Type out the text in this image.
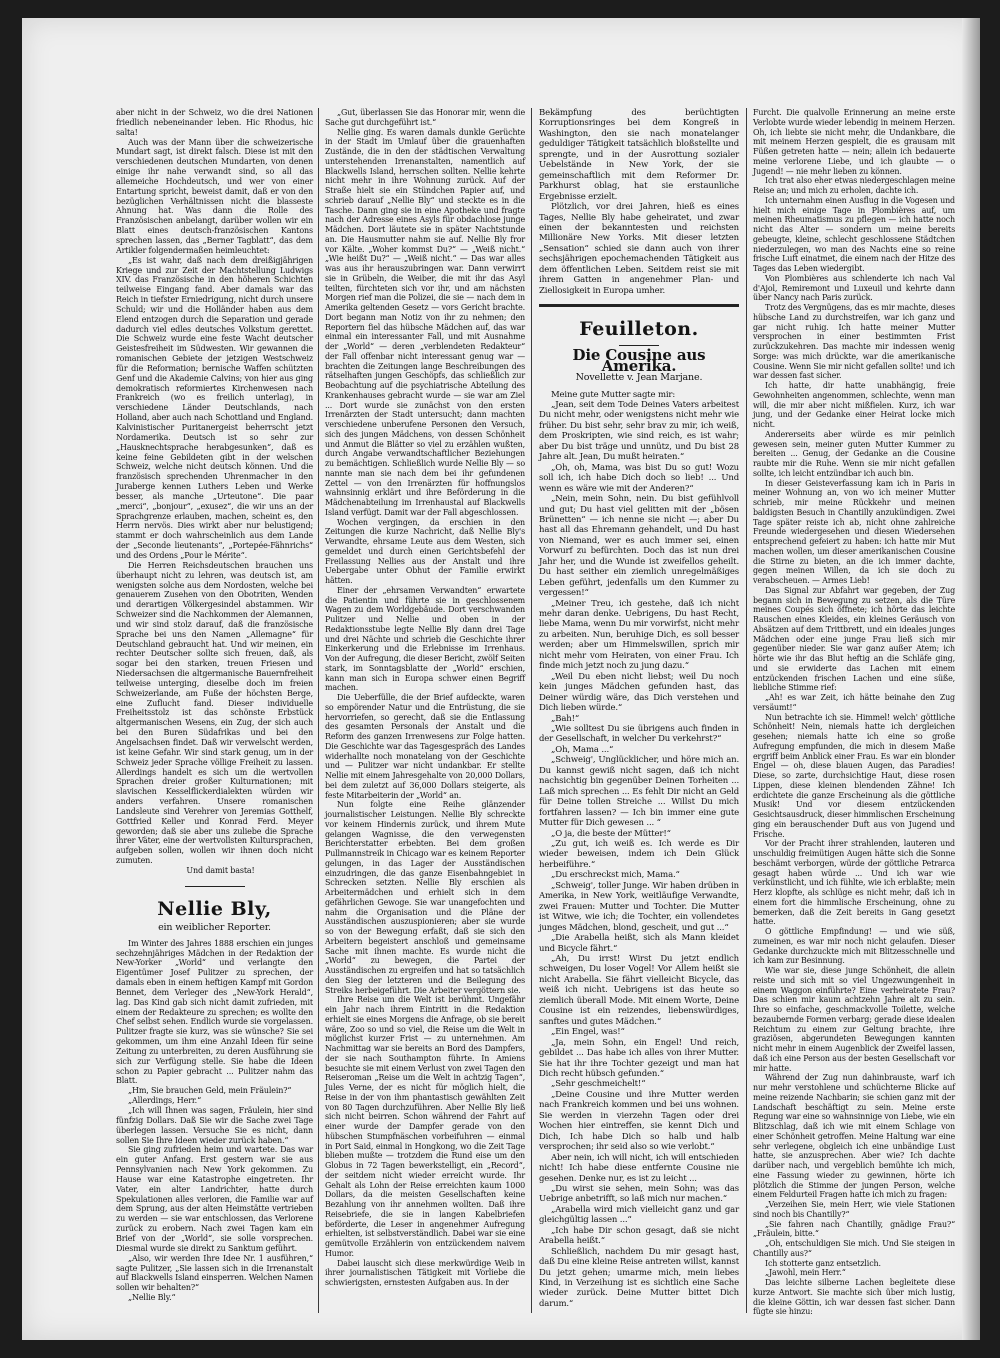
aber nicht in der Schweiz, wo die drei Nationen friedlich nebeneinander leben. Hic Rhodus, hic salta!

Auch was der Mann über die schweizerische Mundart sagt, ist direkt falsch. Diese ist mit den verschiedenen deutschen Mundarten, von denen einige ihr nahe verwandt sind, so all das allemeiche Hochdeutsch, und wer von einer Entartung spricht, beweist damit, daß er von den bezüglichen Verhältnissen nicht die blasseste Ahnung hat. Was dann die Rolle des Französischen anbelangt, darüber wollen wir ein Blatt eines deutsch-französischen Kantons sprechen lassen, das „Berner Tagblatt“, das dem Artikler folgendermaßen heimleuchtet:

„Es ist wahr, daß nach dem dreißigjährigen Kriege und zur Zeit der Machtstellung Ludwigs XIV. das Französische in den höheren Schichten teilweise Eingang fand. Aber damals war das Reich in tiefster Erniedrigung, nicht durch unsere Schuld; wir und die Holländer haben aus dem Elend entzogen durch die Separation und gerade dadurch viel edles deutsches Volkstum gerettet. Die Schweiz wurde eine feste Wacht deutscher Geistesfreiheit im Südwesten. Wir gewannen die romanischen Gebiete der jetzigen Westschweiz für die Reformation; bernische Waffen schützten Genf und die Akademie Calvins; von hier aus ging demokratisch reformiertes Kirchenwesen nach Frankreich (wo es freilich unterlag), in verschiedene Länder Deutschlands, nach Holland, aber auch nach Schottland und England. Kalvinistischer Puritanergeist beherrscht jetzt Nordamerika. Deutsch ist so sehr zur „Hausknechtsprache herabgesunken“, daß es keine feine Gebildeten gibt in der welschen Schweiz, welche nicht deutsch können. Und die französisch sprechenden Uhrenmacher in den Juraberge kennen Luthers Leben und Werke besser, als manche „Urteutone“. Die paar „merci“, „bonjour“, „exusez“, die wir uns an der Sprachgrenze erlauben, machen, scheint es, den Herrn nervös. Dies wirkt aber nur belustigend; stammt er doch wahrscheinlich aus dem Lande der „Seconde lieutenants“, „Portepée-Fähnrichs“ und des Ordens „Pour le Mérite“.

Die Herren Reichsdeutschen brauchen uns überhaupt nicht zu lehren, was deutsch ist, am wenigsten solche aus dem Nordosten, welche bei genauerem Zusehen von den Obotriten, Wenden und derartigen Völkergesindel abstammen. Wir Schweizer sind die Nachkommen der Alemannen, und wir sind stolz darauf, daß die französische Sprache bei uns den Namen „Allemagne“ für Deutschland gebraucht hat. Und wir meinen, ein rechter Deutscher sollte sich freuen, daß, als sogar bei den starken, treuen Friesen und Niedersachsen die altgermanische Bauernfreiheit teilweise unterging, dieselbe doch im freien Schweizerlande, am Fuße der höchsten Berge, eine Zuflucht fand. Dieser individuelle Freiheitsstolz ist das schönste Erbstück altgermanischen Wesens, ein Zug, der sich auch bei den Buren Südafrikas und bei den Angelsachsen findet. Daß wir verwelscht werden, ist keine Gefahr. Wir sind stark genug, um in der Schweiz jeder Sprache völlige Freiheit zu lassen. Allerdings handelt es sich um die wertvollen Sprachen dreier großer Kulturnationen; mit slavischen Kesselflickerdialekten würden wir anders verfahren. Unsere romanischen Landsleute sind Verehrer von Jeremias Gotthelf, Gottfried Keller und Konrad Ferd. Meyer geworden; daß sie aber uns zuliebe die Sprache ihrer Väter, eine der wertvollsten Kultursprachen, aufgeben sollen, wollen wir ihnen doch nicht zumuten.

Und damit basta!

Nellie Bly,
ein weiblicher Reporter.

Im Winter des Jahres 1888 erschien ein junges sechzehnjähriges Mädchen in der Redaktion der New-Yorker „World“ und verlangte den Eigentümer Josef Pulitzer zu sprechen, der damals eben in einem heftigen Kampf mit Gordon Bennet, dem Verleger des „New-York Herald“, lag. Das Kind gab sich nicht damit zufrieden, mit einem der Redakteure zu sprechen; es wollte den Chef selbst sehen. Endlich wurde sie vorgelassen. Pulitzer fragte sie kurz, was sie wünsche? Sie sei gekommen, um ihm eine Anzahl Ideen für seine Zeitung zu unterbreiten, zu deren Ausführung sie sich zur Verfügung stelle. Sie habe die Ideen schon zu Papier gebracht ... Pulitzer nahm das Blatt.

„Hm, Sie brauchen Geld, mein Fräulein?“

„Allerdings, Herr.“

„Ich will Ihnen was sagen, Fräulein, hier sind fünfzig Dollars. Daß Sie wir die Sache zwei Tage überlegen lassen. Versuche Sie es nicht, dann sollen Sie Ihre Ideen wieder zurück haben.“

Sie ging zufrieden heim und wartete. Das war ein guter Anfang. Erst gestern war sie aus Pennsylvanien nach New York gekommen. Zu Hause war eine Katastrophe eingetreten. Ihr Vater, ein alter Landrichter, hatte durch Spekulationen alles verloren, die Familie war auf dem Sprung, aus der alten Heimstätte vertrieben zu werden — sie war entschlossen, das Verlorene zurück zu erobern. Nach zwei Tagen kam ein Brief von der „World“, sie solle vorsprechen. Diesmal wurde sie direkt zu Sanktum geführt.

„Also, wir werden Ihre Idee Nr. 1 ausführen,“ sagte Pulitzer, „Sie lassen sich in die Irrenanstalt auf Blackwells Island einsperren. Welchen Namen sollen wir behalten?“

„Nellie Bly.“

„Gut, überlassen Sie das Honorar mir, wenn die Sache gut durchgeführt ist.“

Nellie ging. Es waren damals dunkle Gerüchte in der Stadt im Umlauf über die grauenhaften Zustände, die in den der städtischen Verwaltung unterstehenden Irrenanstalten, namentlich auf Blackwells Island, herrschen sollten. Nellie kehrte nicht mehr in ihre Wohnung zurück. Auf der Straße hielt sie ein Stündchen Papier auf, und schrieb darauf „Nellie Bly“ und steckte es in die Tasche. Dann ging sie in eine Apotheke und fragte nach der Adresse eines Asyls für obdachlose junge Mädchen. Dort läutete sie in später Nachtstunde an. Die Hausmutter nahm sie auf. Nellie Bly fror vor Kälte. „Woher kommst Du?“ — „Weiß nicht.“ „Wie heißt Du?“ — „Weiß nicht.“ — Das war alles was aus ihr herauszubringen war. Dann verwirrt sie in Grübeln, die Weiber, die mit ihr das Asyl teilten, fürchteten sich vor ihr, und am nächsten Morgen rief man die Polizei, die sie — nach dem in Amerika geltenden Gesetz — vors Gericht brachte. Dort begann man Notiz von ihr zu nehmen; den Reportern fiel das hübsche Mädchen auf, das war einmal ein interessanter Fall, und mit Ausnahme der „World“ — deren „verblendeten Redakteur“ der Fall offenbar nicht interessant genug war — brachten die Zeitungen lange Beschreibungen des rätselhaften jungen Geschöpfs, das schließlich zur Beobachtung auf die psychiatrische Abteilung des Krankenhauses gebracht wurde — sie war am Ziel ... Dort wurde sie zunächst von den ersten Irrenärzten der Stadt untersucht; dann machten verschiedene unberufene Personen den Versuch, sich des jungen Mädchens, von dessen Schönheit und Anmut die Blätter so viel zu erzählen wußten, durch Angabe verwandtschaftlicher Beziehungen zu bemächtigen. Schließlich wurde Nellie Bly — so nannte man sie nach dem bei ihr gefundenen Zettel — von den Irrenärzten für hoffnungslos wahnsinnig erklärt und ihre Beförderung in die Mädchenabteilung im Irrenhaustal auf Blackwells Island verfügt. Damit war der Fall abgeschlossen.

Wochen vergingen, da erschien in den Zeitungen die kurze Nachricht, daß Nellie Bly's Verwandte, ehrsame Leute aus dem Westen, sich gemeldet und durch einen Gerichtsbefehl der Freilassung Nellies aus der Anstalt und ihre Uebergabe unter Obhut der Familie erwirkt hätten.

Einer der „ehrsamen Verwandten“ erwartete die Patientin und führte sie in geschlossenem Wagen zu dem Worldgebäude. Dort verschwanden Pulitzer und Nellie und oben in der Redaktionsstube legte Nellie Bly dann drei Tage und drei Nächte und schrieb die Geschichte ihrer Einkerkerung und die Erlebnisse im Irrenhaus. Von der Aufregung, die dieser Bericht, zwölf Seiten stark, im Sonntagsblatte der „World“ erschien, kann man sich in Europa schwer einen Begriff machen.

Die Ueberfülle, die der Brief aufdeckte, waren so empörender Natur und die Entrüstung, die sie hervorriefen, so gerecht, daß sie die Entlassung des gesamten Personals der Anstalt und die Reform des ganzen Irrenwesens zur Folge hatten. Die Geschichte war das Tagesgespräch des Landes widerhallte noch monatelang von der Geschichte und — Pulitzer war nicht undankbar. Er stellte Nellie mit einem Jahresgehalte von 20,000 Dollars, bei dem zuletzt auf 36,000 Dollars steigerte, als feste Mitarbeiterin der „World“ an.

Nun folgte eine Reihe glänzender journalistischer Leistungen. Nellie Bly schreckte vor keinem Hindernis zurück, und ihrem Mute gelangen Wagnisse, die den verwegensten Berichterstatter erbebten. Bei dem großen Pullmannstreik in Chicago war es keinem Reporter gelungen, in das Lager der Ausständischen einzudringen, die das ganze Eisenbahngebiet in Schrecken setzten. Nellie Bly erschien als Arbeitermädchen und erhielt sich in dem gefährlichen Gewoge. Sie war unangefochten und nahm die Organisation und die Pläne der Ausständischen auszuspionieren; aber sie wurde so von der Bewegung erfaßt, daß sie sich den Arbeitern begeistert anschloß und gemeinsame Sache mit ihnen machte. Es wurde nicht die „World“ zu bewegen, die Partei der Ausständischen zu ergreifen und hat so tatsächlich den Sieg der letzteren und die Beilegung des Streiks herbeigeführt. Die Arbeiter vergöttern sie.

Ihre Reise um die Welt ist berühmt. Ungefähr ein Jahr nach ihrem Eintritt in die Redaktion erhielt sie eines Morgens die Anfrage, ob sie bereit wäre, Zoo so und so viel, die Reise um die Welt in möglichst kurzer Frist — zu unternehmen. Am Nachmittag war sie bereits an Bord des Dampfers, der sie nach Southampton führte. In Amiens besuchte sie mit einem Verlust von zwei Tagen den Reiseroman „Reise um die Welt in achtzig Tagen“, Jules Verne, der es nicht für möglich hielt, die Reise in der von ihm phantastisch gewählten Zeit von 80 Tagen durchzuführen. Aber Nellie Bly ließ sich nicht beirren. Schon während der Fahrt auf einer wurde der Dampfer gerade von den hübschen Stumpfnäschen vorbeifuhren — einmal in Port Said, einmal in Hongkong, wo die Zeit Tage blieben mußte — trotzdem die Rund eise um den Globus in 72 Tagen bewerkstelligt, ein „Record“, der seitdem nicht wieder erreicht wurde. Ihr Gehalt als Lohn der Reise erreichten kaum 1000 Dollars, da die meisten Gesellschaften keine Bezahlung von ihr annehmen wollten. Daß ihre Reisebriefe, die sie in langen Kabelbriefen beförderte, die Leser in angenehmer Aufregung erhielten, ist selbstverständlich. Dabei war sie eine gemütvolle Erzählerin von entzückendem naivem Humor.

Dabei lauscht sich diese merkwürdige Weib in ihrer journalistischen Tätigkeit mit Vorliebe die schwierigsten, ernstesten Aufgaben aus. In der

Bekämpfung des berüchtigten Korruptionsringes bei dem Kongreß in Washington, den sie nach monatelanger geduldiger Tätigkeit tatsächlich bloßstellte und sprengte, und in der Ausrottung sozialer Uebelstände in New York, der sie gemeinschaftlich mit dem Reformer Dr. Parkhurst oblag, hat sie erstaunliche Ergebnisse erzielt.

Plötzlich, vor drei Jahren, hieß es eines Tages, Nellie Bly habe geheiratet, und zwar einen der bekanntesten und reichsten Millionäre New Yorks. Mit dieser letzten „Sensation“ schied sie dann auch von ihrer sechsjährigen epochemachenden Tätigkeit aus dem öffentlichen Leben. Seitdem reist sie mit ihrem Gatten in angenehmer Plan- und Ziellosigkeit in Europa umher.

Feuilleton.
Die Cousine aus Amerika.
Novellette v. Jean Marjane.

Meine gute Mutter sagte mir:

„Jean, seit dem Tode Deines Vaters arbeitest Du nicht mehr, oder wenigstens nicht mehr wie früher. Du bist sehr, sehr brav zu mir, ich weiß, dem Proskripten, wie sind reich, es ist wahr; aber Du bist träge und unnütz, und Du bist 28 Jahre alt. Jean, Du mußt heiraten.“

„Oh, oh, Mama, was bist Du so gut! Wozu soll ich, ich habe Dich doch so lieb! ... Und wenn es wäre wie mit der Anderen?“

„Nein, mein Sohn, nein. Du bist gefühlvoll und gut; Du hast viel gelitten mit der „bösen Brünetten“ — ich nenne sie nicht —; aber Du hast all das Ehremann gehandelt, und Du hast von Niemand, wer es auch immer sei, einen Vorwurf zu befürchten. Doch das ist nun drei Jahr her, und die Wunde ist zweifellos geheilt. Du hast seither ein ziemlich unregelmäßiges Leben geführt, jedenfalls um den Kummer zu vergessen!“

„Meiner Treu, ich gestehe, daß ich nicht mehr daran denke. Uebrigens, Du hast Recht, liebe Mama, wenn Du mir vorwirfst, nicht mehr zu arbeiten. Nun, beruhige Dich, es soll besser werden; aber um Himmelswillen, sprich mir nicht mehr vom Heiraten, von einer Frau. Ich finde mich jetzt noch zu jung dazu.“

„Weil Du eben nicht liebst; weil Du noch kein junges Mädchen gefunden hast, das Deiner würdig wäre, das Dich verstehen und Dich lieben würde.“

„Bah!“

„Wie solltest Du sie übrigens auch finden in der Gesellschaft, in welcher Du verkehrst?“

„Oh, Mama ...“

„Schweig', Unglücklicher, und höre mich an. Du kannst gewiß nicht sagen, daß ich nicht nachsichtig bin gegenüber Deinen Torheiten ... Laß mich sprechen ... Es fehlt Dir nicht an Geld für Deine tollen Streiche ... Willst Du mich fortfahren lassen? — Ich bin immer eine gute Mutter für Dich gewesen ... “

„O ja, die beste der Mütter!“

„Zu gut, ich weiß es. Ich werde es Dir wieder beweisen, indem ich Dein Glück herbeiführe.“

„Du erschreckst mich, Mama.“

„Schweig', toller Junge. Wir haben drüben in Amerika, in New York, weitläufige Verwandte, zwei Frauen: Mutter und Tochter. Die Mutter ist Witwe, wie ich; die Tochter, ein vollendetes junges Mädchen, blond, gescheit, und gut ...“

„Die Arabella heißt, sich als Mann kleidet und Bicycle fährt.“

„Ah, Du irrst! Wirst Du jetzt endlich schweigen, Du loser Vogel! Vor Allem heißt sie nicht Arabella. Sie fährt vielleicht Bicycle, das weiß ich nicht. Uebrigens ist das heute so ziemlich überall Mode. Mit einem Worte, Deine Cousine ist ein reizendes, liebenswürdiges, sanftes und gutes Mädchen.“

„Ein Engel, was!“

„Ja, mein Sohn, ein Engel! Und reich, gebildet ... Das habe ich alles von ihrer Mutter. Sie hat ihr ihre Tochter gezeigt und man hat Dich recht hübsch gefunden.“

„Sehr geschmeichelt!“

„Deine Cousine und ihre Mutter werden nach Frankreich kommen und bei uns wohnen. Sie werden in vierzehn Tagen oder drei Wochen hier eintreffen, sie kennt Dich und Dich, Ich habe Dich so halb und halb versprochen; ihr seid also so wie verlobt.“

Aber nein, ich will nicht, ich will entschieden nicht! Ich habe diese entfernte Cousine nie gesehen. Denke nur, es ist zu leicht ...

„Du wirst sie sehen, mein Sohn; was das Uebrige anbetrifft, so laß mich nur machen.“

„Arabella wird mich vielleicht ganz und gar gleichgültig lassen ...“

„Ich habe Dir schon gesagt, daß sie nicht Arabella heißt.“

Schließlich, nachdem Du mir gesagt hast, daß Du eine kleine Reise antreten willst, kannst Du jetzt gehen; umarme mich, mein liebes Kind, in Verzeihung ist es sichtlich eine Sache wieder zurück. Deine Mutter bittet Dich darum.“

Furcht. Die qualvolle Erinnerung an meine erste Verlobte wurde wieder lebendig in meinem Herzen. Oh, ich liebte sie nicht mehr, die Undankbare, die mit meinem Herzen gespielt, die es grausam mit Füßen getreten hatte — nein; allein ich bedauerte meine verlorene Liebe, und ich glaubte — o Jugend! — nie mehr lieben zu können.

Ich trat also eher etwas niedergeschlagen meine Reise an; und mich zu erholen, dachte ich.

Ich unternahm einen Ausflug in die Vogesen und hielt mich einige Tage in Plombières auf, um meinen Rheumatismus zu pflegen — ich hatte noch nicht das Alter — sondern um meine bereits gebeugte, kleine, schlecht geschlossene Städtchen niederzulegen, wo man des Nachts eine so reine frische Luft einatmet, die einem nach der Hitze des Tages das Leben wiedergibt.

Von Plombières aus schlenderte ich nach Val d'Ajol, Remiremont und Luxeuil und kehrte dann über Nancy nach Paris zurück.

Trotz des Vergnügens, das es mir machte, dieses hübsche Land zu durchstreifen, war ich ganz und gar nicht ruhig. Ich hatte meiner Mutter versprochen in einer bestimmten Frist zurückzukehren. Das machte mir indessen wenig Sorge: was mich drückte, war die amerikanische Cousine. Wenn Sie mir nicht gefallen sollte! und ich war dessen fast sicher.

Ich hatte, dir hatte unabhängig, freie Gewohnheiten angenommen, schlechte, wenn man will, die mir aber nicht mißfielen. Kurz, ich war jung, und der Gedanke einer Heirat locke mich nicht.

Andererseits aber würde es mir peinlich gewesen sein, meiner guten Mutter Kummer zu bereiten ... Genug, der Gedanke an die Cousine raubte mir die Ruhe. Wenn sie mir nicht gefallen sollte, ich leicht entzündbar ich auch bin.

In dieser Geisteverfassung kam ich in Paris in meiner Wohnung an, von wo ich meiner Mutter schrieb, mir meine Rückkehr und meinen baldigsten Besuch in Chantilly anzukündigen. Zwei Tage später reiste ich ab, nicht ohne zahlreiche Freunde wiedergesehen und diesen Wiedersehen entsprechend gefeiert zu haben: ich hatte mir Mut machen wollen, um dieser amerikanischen Cousine die Stirne zu bieten, an die ich immer dachte, gegen meinen Willen, da ich sie doch zu verabscheuen. — Armes Lieb!

Das Signal zur Abfahrt war gegeben, der Zug begann sich in Bewegung zu setzen, als die Türe meines Coupés sich öffnete; ich hörte das leichte Rauschen eines Kleides, ein kleines Geräusch von Absätzen auf dem Trittbrett, und ein ideales junges Mädchen oder eine junge Frau ließ sich mir gegenüber nieder. Sie war ganz außer Atem; ich hörte wie ihr das Blut heftig an die Schläfe ging, und sie erwiderte das Lachen mit einem entzückenden frischen Lachen und eine süße, liebliche Stimme rief:

„Ah! es war Zeit, ich hätte beinahe den Zug versäumt!“

Nun betrachte ich sie. Himmel! welch' göttliche Schönheit! Nein, niemals hatte ich dergleichen gesehen; niemals hatte ich eine so große Aufregung empfunden, die mich in diesem Maße ergriff beim Anblick einer Frau. Es war ein blonder Engel — oh, diese blauen Augen, das Paradies! Diese, so zarte, durchsichtige Haut, diese rosen Lippen, diese kleinen blendenden Zähne! Ich erdichtete die ganze Erscheinung als die göttliche Musik! Und vor diesem entzückenden Gesichtsausdruck, dieser himmlischen Erscheinung ging ein berauschender Duft aus von Jugend und Frische.

Vor der Pracht ihrer strahlenden, lauteren und unschuldig freimütigen Augen hätte sich die Sonne beschämt verborgen, würde der göttliche Petrarca gesagt haben würde ... Und ich war wie verkünstlicht, und ich fühlte, wie ich erblaßte; mein Herz klopfte, als schlüge es nicht mehr, daß ich in einem fort die himmlische Erscheinung, ohne zu bemerken, daß die Zeit bereits in Gang gesetzt hatte.

O göttliche Empfindung! — und wie süß, zumeinen, es war mir noch nicht gelaufen. Dieser Gedanke durchzuckte mich mit Blitzesschnelle und ich kam zur Besinnung.

Wie war sie, diese junge Schönheit, die allein reiste und sich mit so viel Ungezwungenheit in einem Waggon einführte? Eine verheiratete Frau? Das schien mir kaum achtzehn Jahre alt zu sein. Ihre so einfache, geschmackvolle Toilette, welche bezaubernde Formen verbarg; gerade diese idealen Reichtum zu einem zur Geltung brachte, ihre graziösen, abgerundeten Bewegungen kannten nicht mehr in einem Augenblick der Zweifel lassen, daß ich eine Person aus der besten Gesellschaft vor mir hatte.

Während der Zug nun dahinbrauste, warf ich nur mehr verstohlene und schüchterne Blicke auf meine reizende Nachbarin; sie schien ganz mit der Landschaft beschäftigt zu sein. Meine erste Regung war eine so wahnsinnige von Liebe, wie ein Blitzschlag, daß ich wie mit einem Schlage von einer Schönheit getroffen. Meine Haltung war eine sehr verlegene, obgleich ich eine unbändige Lust hatte, sie anzusprechen. Aber wie? Ich dachte darüber nach, und vergeblich bemühte ich mich, eine Fassung wieder zu gewinnen, hörte ich plötzlich die Stimme der jungen Person, welche einem Feldurteil Fragen hatte ich mich zu fragen:

„Verzeihen Sie, mein Herr, wie viele Stationen sind noch bis Chantilly?“

„Sie fahren nach Chantilly, gnädige Frau?“ „Fräulein, bitte.“

„Oh, entschuldigen Sie mich. Und Sie steigen in Chantilly aus?“

Ich stotterte ganz entsetzlich.

„Jawohl, mein Herr.“

Das leichte silberne Lachen begleitete diese kurze Antwort. Sie machte sich über mich lustig, die kleine Göttin, ich war dessen fast sicher. Dann fügte sie hinzu:
